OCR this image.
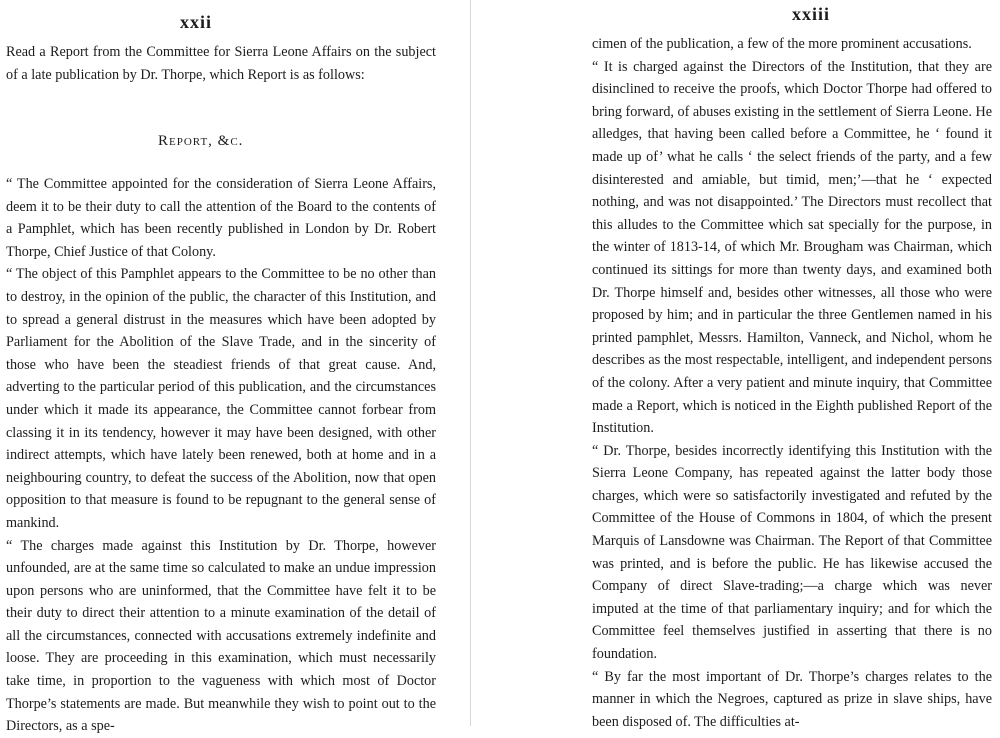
xxii

Read a Report from the Committee for Sierra Leone Affairs on the subject of a late publication by Dr. Thorpe, which Report is as follows:

Report, &c.

“ The Committee appointed for the consideration of Sierra Leone Affairs, deem it to be their duty to call the attention of the Board to the contents of a Pamphlet, which has been recently published in London by Dr. Robert Thorpe, Chief Justice of that Colony.

“ The object of this Pamphlet appears to the Committee to be no other than to destroy, in the opinion of the public, the character of this Institution, and to spread a general distrust in the measures which have been adopted by Parliament for the Abolition of the Slave Trade, and in the sincerity of those who have been the steadiest friends of that great cause. And, adverting to the particular period of this publication, and the circumstances under which it made its appearance, the Committee cannot forbear from classing it in its tendency, however it may have been designed, with other indirect attempts, which have lately been renewed, both at home and in a neighbouring country, to defeat the success of the Abolition, now that open opposition to that measure is found to be repugnant to the general sense of mankind.

“ The charges made against this Institution by Dr. Thorpe, however unfounded, are at the same time so calculated to make an undue impression upon persons who are uninformed, that the Committee have felt it to be their duty to direct their attention to a minute examination of the detail of all the circumstances, connected with accusations extremely indefinite and loose. They are proceeding in this examination, which must necessarily take time, in proportion to the vagueness with which most of Doctor Thorpe’s statements are made. But meanwhile they wish to point out to the Directors, as a spe-

cimen of the publication, a few of the more prominent accusations.

“ It is charged against the Directors of the Institution, that they are disinclined to receive the proofs, which Doctor Thorpe had offered to bring forward, of abuses existing in the settlement of Sierra Leone. He alledges, that having been called before a Committee, he ‘ found it made up of’ what he calls ‘ the select friends of the party, and a few disinterested and amiable, but timid, men;’—that he ‘ expected nothing, and was not disappointed.’ The Directors must recollect that this alludes to the Committee which sat specially for the purpose, in the winter of 1813-14, of which Mr. Brougham was Chairman, which continued its sittings for more than twenty days, and examined both Dr. Thorpe himself and, besides other witnesses, all those who were proposed by him; and in particular the three Gentlemen named in his printed pamphlet, Messrs. Hamilton, Vanneck, and Nichol, whom he describes as the most respectable, intelligent, and independent persons of the colony. After a very patient and minute inquiry, that Committee made a Report, which is noticed in the Eighth published Report of the Institution.

“ Dr. Thorpe, besides incorrectly identifying this Institution with the Sierra Leone Company, has repeated against the latter body those charges, which were so satisfactorily investigated and refuted by the Committee of the House of Commons in 1804, of which the present Marquis of Lansdowne was Chairman. The Report of that Committee was printed, and is before the public. He has likewise accused the Company of direct Slave-trading;—a charge which was never imputed at the time of that parliamentary inquiry; and for which the Committee feel themselves justified in asserting that there is no foundation.

“ By far the most important of Dr. Thorpe’s charges relates to the manner in which the Negroes, captured as prize in slave ships, have been disposed of. The difficulties at-

xxiii
